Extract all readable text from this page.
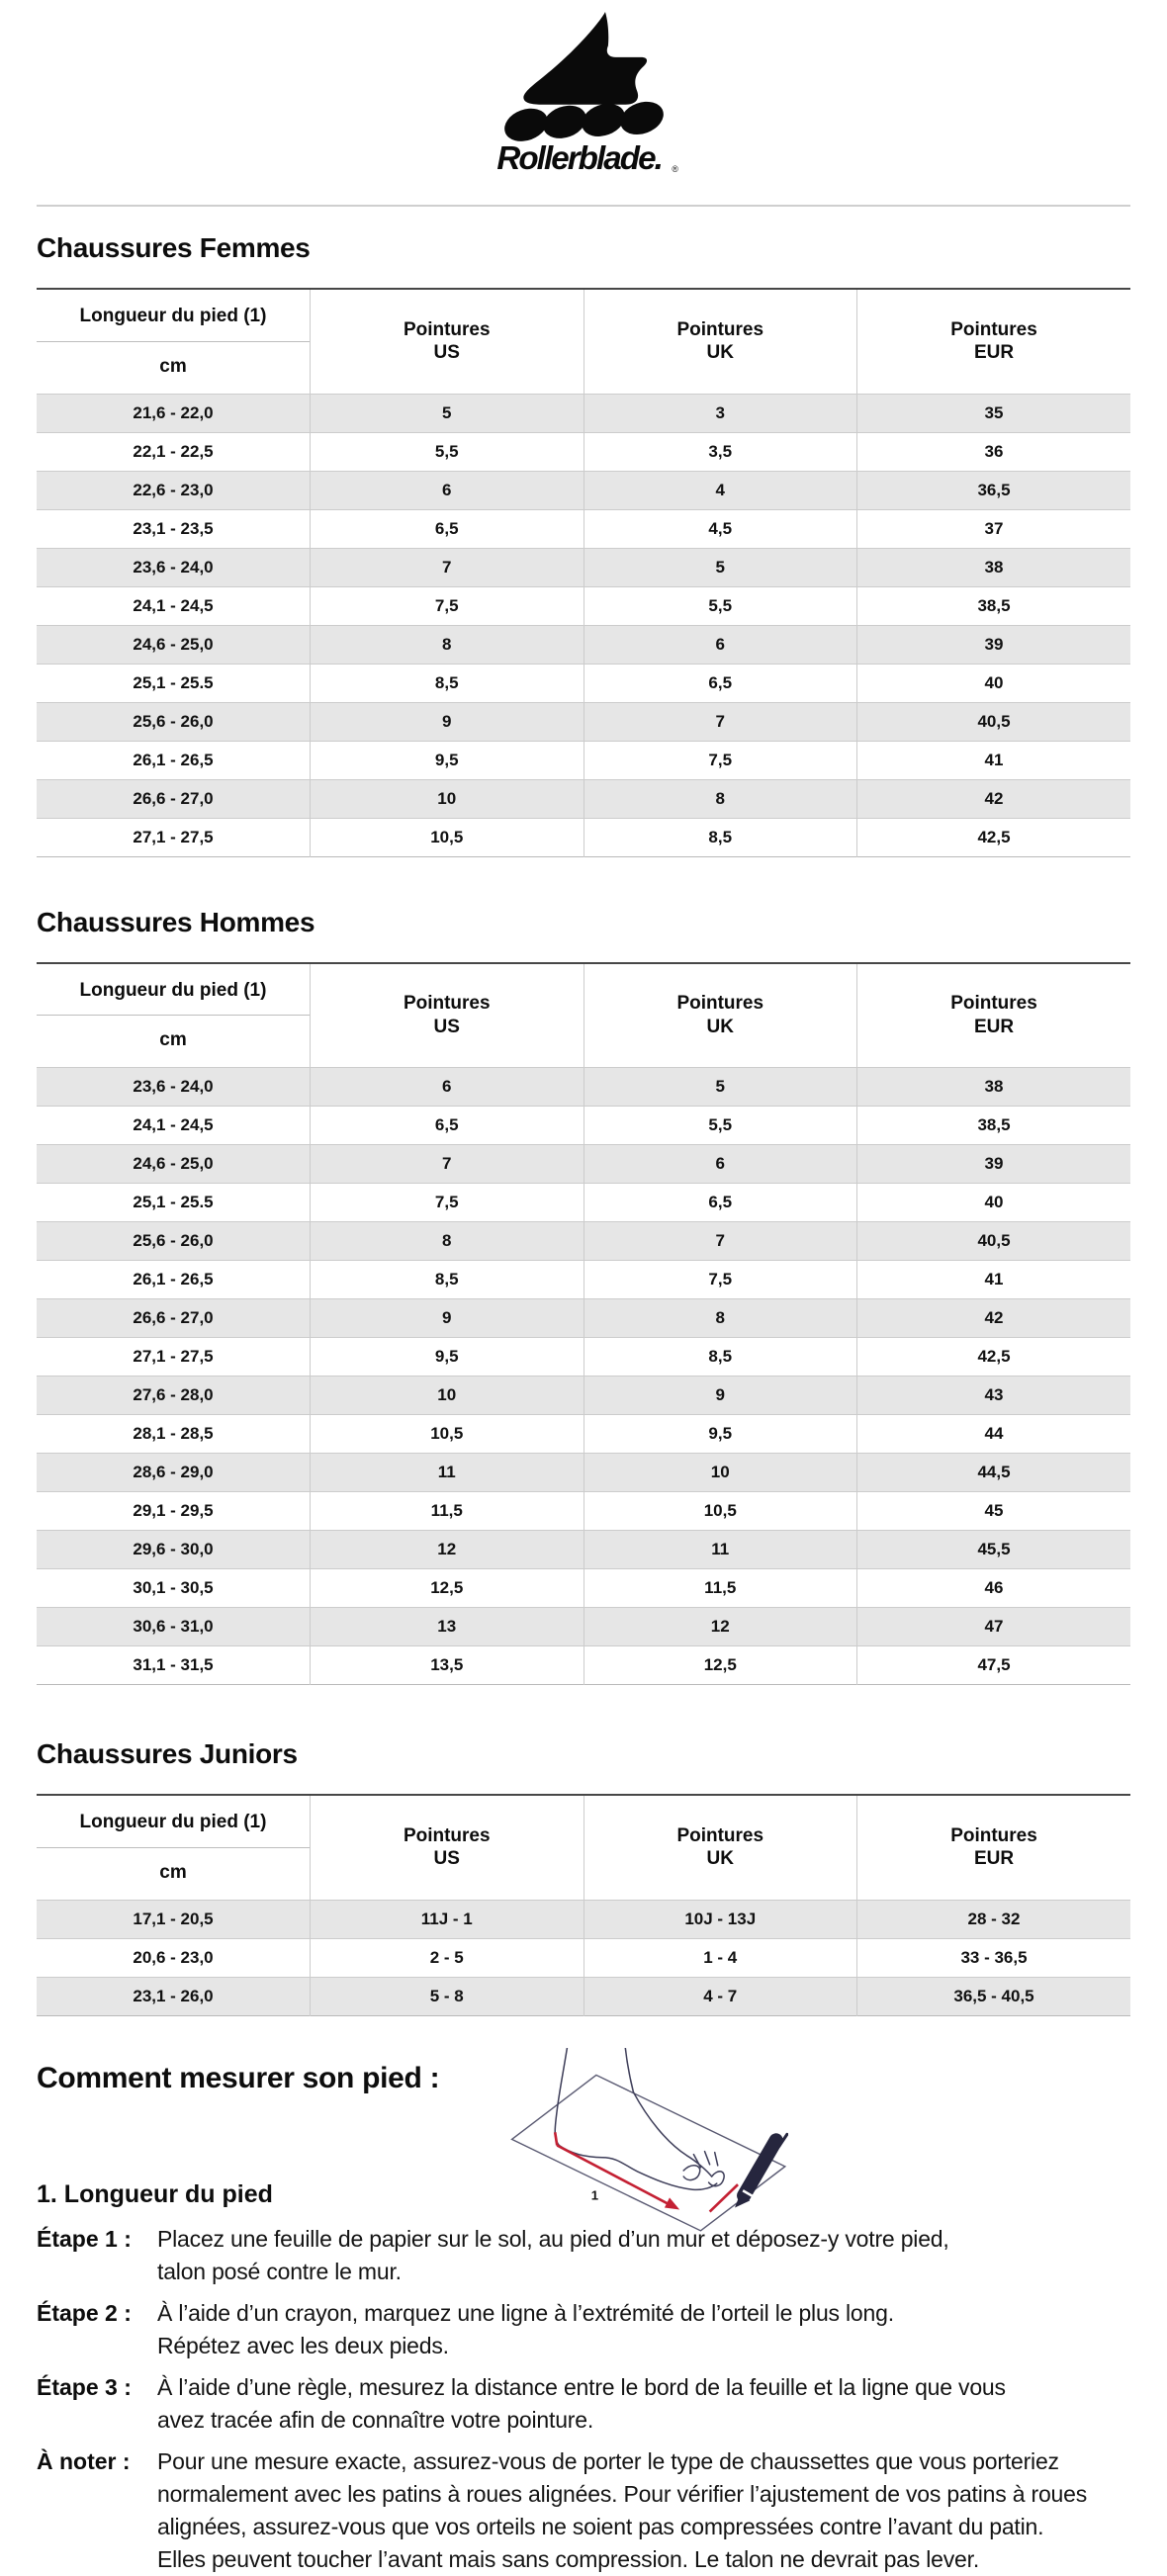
Rollerblade. ®
Chaussures Femmes
Longueur du pied (1)
cm

Pointures
US

Pointures
UK

Pointures
EUR

21,6 - 22,0	5	3	35
22,1 - 22,5	5,5	3,5	36
22,6 - 23,0	6	4	36,5
23,1 - 23,5	6,5	4,5	37
23,6 - 24,0	7	5	38
24,1 - 24,5	7,5	5,5	38,5
24,6 - 25,0	8	6	39
25,1 - 25.5	8,5	6,5	40
25,6 - 26,0	9	7	40,5
26,1 - 26,5	9,5	7,5	41
26,6 - 27,0	10	8	42
27,1 - 27,5	10,5	8,5	42,5
Chaussures Hommes
Longueur du pied (1)
cm

Pointures
US

Pointures
UK

Pointures
EUR

23,6 - 24,0	6	5	38
24,1 - 24,5	6,5	5,5	38,5
24,6 - 25,0	7	6	39
25,1 - 25.5	7,5	6,5	40
25,6 - 26,0	8	7	40,5
26,1 - 26,5	8,5	7,5	41
26,6 - 27,0	9	8	42
27,1 - 27,5	9,5	8,5	42,5
27,6 - 28,0	10	9	43
28,1 - 28,5	10,5	9,5	44
28,6 - 29,0	11	10	44,5
29,1 - 29,5	11,5	10,5	45
29,6 - 30,0	12	11	45,5
30,1 - 30,5	12,5	11,5	46
30,6 - 31,0	13	12	47
31,1 - 31,5	13,5	12,5	47,5
Chaussures Juniors
Longueur du pied (1)
cm

Pointures
US

Pointures
UK

Pointures
EUR

17,1 - 20,5	11J - 1	10J - 13J	28 - 32
20,6 - 23,0	2 - 5	1 - 4	33 - 36,5
23,1 - 26,0	5 - 8	4 - 7	36,5 - 40,5
Comment mesurer son pied :
1
1. Longueur du pied
Étape 1 :	Placez une feuille de papier sur le sol, au pied d’un mur et déposez-y votre pied,
talon posé contre le mur.
Étape 2 :	À l’aide d’un crayon, marquez une ligne à l’extrémité de l’orteil le plus long.
Répétez avec les deux pieds.
Étape 3 :	À l’aide d’une règle, mesurez la distance entre le bord de la feuille et la ligne que vous
avez tracée afin de connaître votre pointure.
À noter :	Pour une mesure exacte, assurez-vous de porter le type de chaussettes que vous porteriez
normalement avec les patins à roues alignées. Pour vérifier l’ajustement de vos patins à roues
alignées, assurez-vous que vos orteils ne soient pas compressées contre l’avant du patin.
Elles peuvent toucher l’avant mais sans compression. Le talon ne devrait pas lever.
